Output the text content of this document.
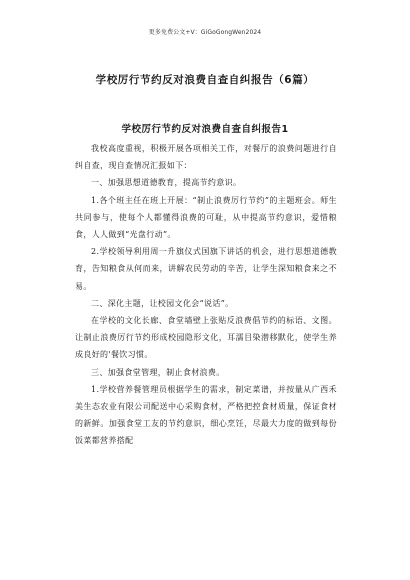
更多免费公文+V：GiGoGongWen2024
学校厉行节约反对浪费自查自纠报告（6篇）
学校厉行节约反对浪费自查自纠报告1

我校高度重视，积极开展各项相关工作，对餐厅的浪费问题进行自纠自查，现自查情况汇报如下：

一、加强思想道德教育，提高节约意识。

1.各个班主任在班上开展：“制止浪费厉行节约”的主题班会。师生共同参与，使每个人都懂得浪费的可耻，从中提高节约意识，爱惜粮食，人人做到“光盘行动”。

2.学校领导利用周一升旗仪式国旗下讲话的机会，进行思想道德教育，告知粮食从何而来，讲解农民劳动的辛苦，让学生深知粮食来之不易。

二、深化主题，让校园文化会“说话”。

在学校的文化长廊、食堂墙壁上张贴反浪费倡节约的标语、文图。让制止浪费厉行节约形成校园隐形文化，耳濡目染潜移默化，使学生养成良好的'餐饮习惯。

三、加强食堂管理，制止食材浪费。

1.学校营养餐管理员根据学生的需求，制定菜谱，并按量从广西禾美生态农业有限公司配送中心采购食材，严格把控食材质量，保证食材的新鲜。加强食堂工友的节约意识，细心烹饪，尽最大力度的做到每份饭菜都营养搭配
